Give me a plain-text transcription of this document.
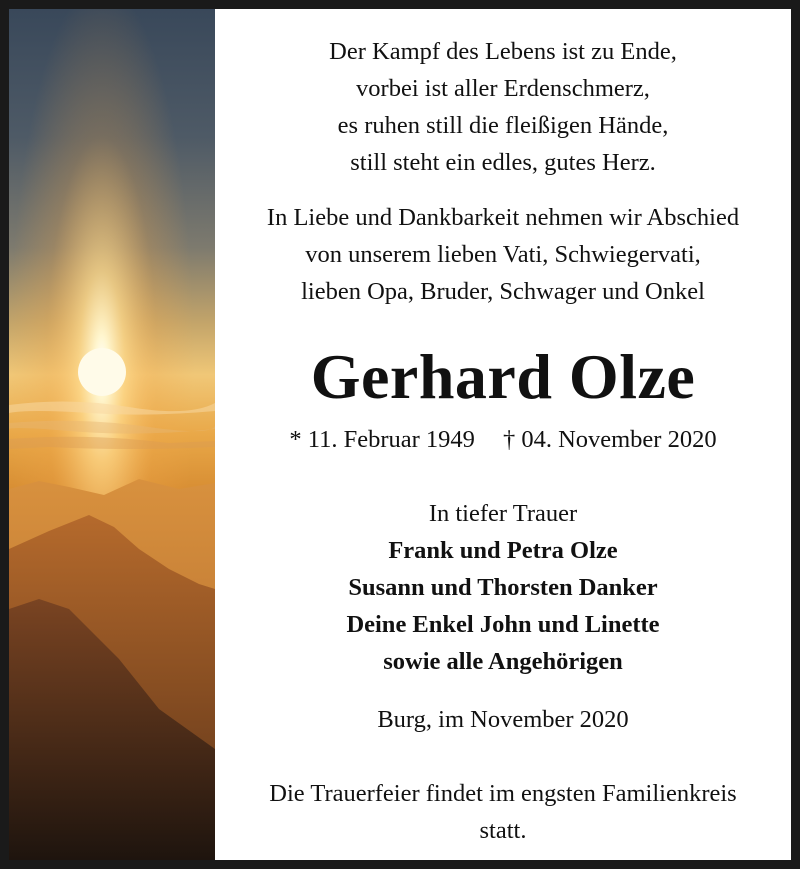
Der Kampf des Lebens ist zu Ende,
vorbei ist aller Erdenschmerz,
es ruhen still die fleißigen Hände,
still steht ein edles, gutes Herz.
In Liebe und Dankbarkeit nehmen wir Abschied
von unserem lieben Vati, Schwiegervati,
lieben Opa, Bruder, Schwager und Onkel
Gerhard Olze
* 11. Februar 1949 † 04. November 2020
In tiefer Trauer
Frank und Petra Olze
Susann und Thorsten Danker
Deine Enkel John und Linette
sowie alle Angehörigen
Burg, im November 2020
Die Trauerfeier findet im engsten Familienkreis
statt.
